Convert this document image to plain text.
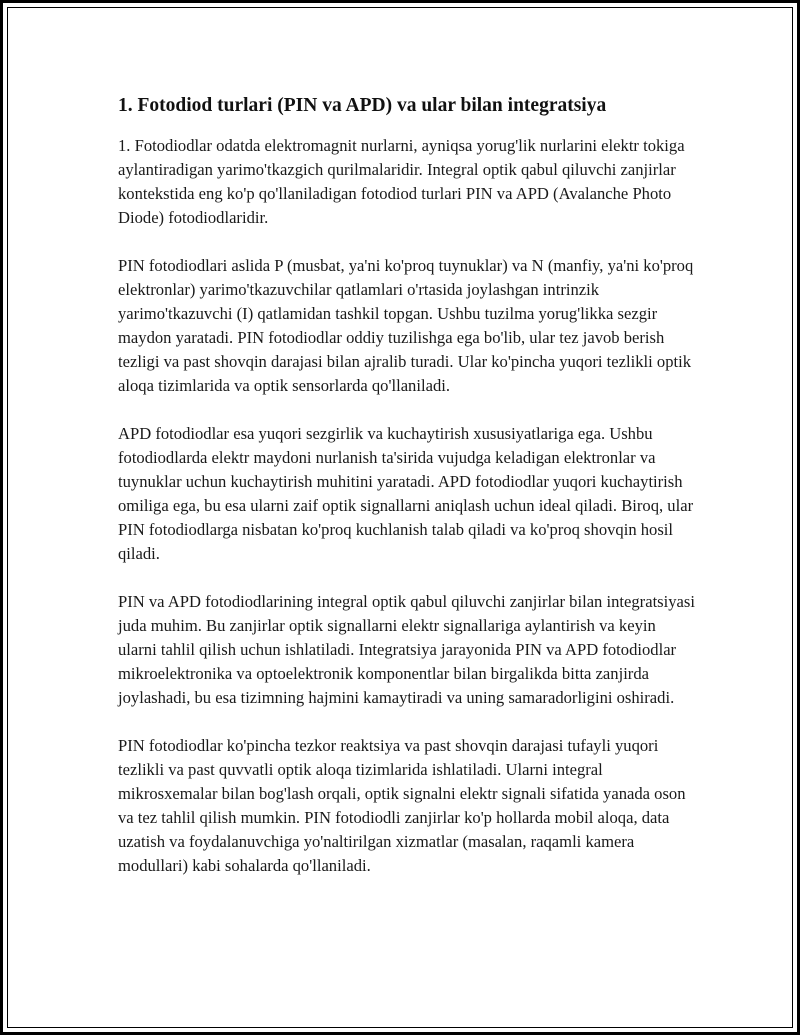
1. Fotodiod turlari (PIN va APD) va ular bilan integratsiya

1. Fotodiodlar odatda elektromagnit nurlarni, ayniqsa yorug'lik nurlarini elektr tokiga aylantiradigan yarimo'tkazgich qurilmalaridir. Integral optik qabul qiluvchi zanjirlar kontekstida eng ko'p qo'llaniladigan fotodiod turlari PIN va APD (Avalanche Photo Diode) fotodiodlaridir.

PIN fotodiodlari aslida P (musbat, ya'ni ko'proq tuynuklar) va N (manfiy, ya'ni ko'proq elektronlar) yarimo'tkazuvchilar qatlamlari o'rtasida joylashgan intrinzik yarimo'tkazuvchi (I) qatlamidan tashkil topgan. Ushbu tuzilma yorug'likka sezgir maydon yaratadi. PIN fotodiodlar oddiy tuzilishga ega bo'lib, ular tez javob berish tezligi va past shovqin darajasi bilan ajralib turadi. Ular ko'pincha yuqori tezlikli optik aloqa tizimlarida va optik sensorlarda qo'llaniladi.

APD fotodiodlar esa yuqori sezgirlik va kuchaytirish xususiyatlariga ega. Ushbu fotodiodlarda elektr maydoni nurlanish ta'sirida vujudga keladigan elektronlar va tuynuklar uchun kuchaytirish muhitini yaratadi. APD fotodiodlar yuqori kuchaytirish omiliga ega, bu esa ularni zaif optik signallarni aniqlash uchun ideal qiladi. Biroq, ular PIN fotodiodlarga nisbatan ko'proq kuchlanish talab qiladi va ko'proq shovqin hosil qiladi.

PIN va APD fotodiodlarining integral optik qabul qiluvchi zanjirlar bilan integratsiyasi juda muhim. Bu zanjirlar optik signallarni elektr signallariga aylantirish va keyin ularni tahlil qilish uchun ishlatiladi. Integratsiya jarayonida PIN va APD fotodiodlar mikroelektronika va optoelektronik komponentlar bilan birgalikda bitta zanjirda joylashadi, bu esa tizimning hajmini kamaytiradi va uning samaradorligini oshiradi.

PIN fotodiodlar ko'pincha tezkor reaktsiya va past shovqin darajasi tufayli yuqori tezlikli va past quvvatli optik aloqa tizimlarida ishlatiladi. Ularni integral mikrosxemalar bilan bog'lash orqali, optik signalni elektr signali sifatida yanada oson va tez tahlil qilish mumkin. PIN fotodiodli zanjirlar ko'p hollarda mobil aloqa, data uzatish va foydalanuvchiga yo'naltirilgan xizmatlar (masalan, raqamli kamera modullari) kabi sohalarda qo'llaniladi.
